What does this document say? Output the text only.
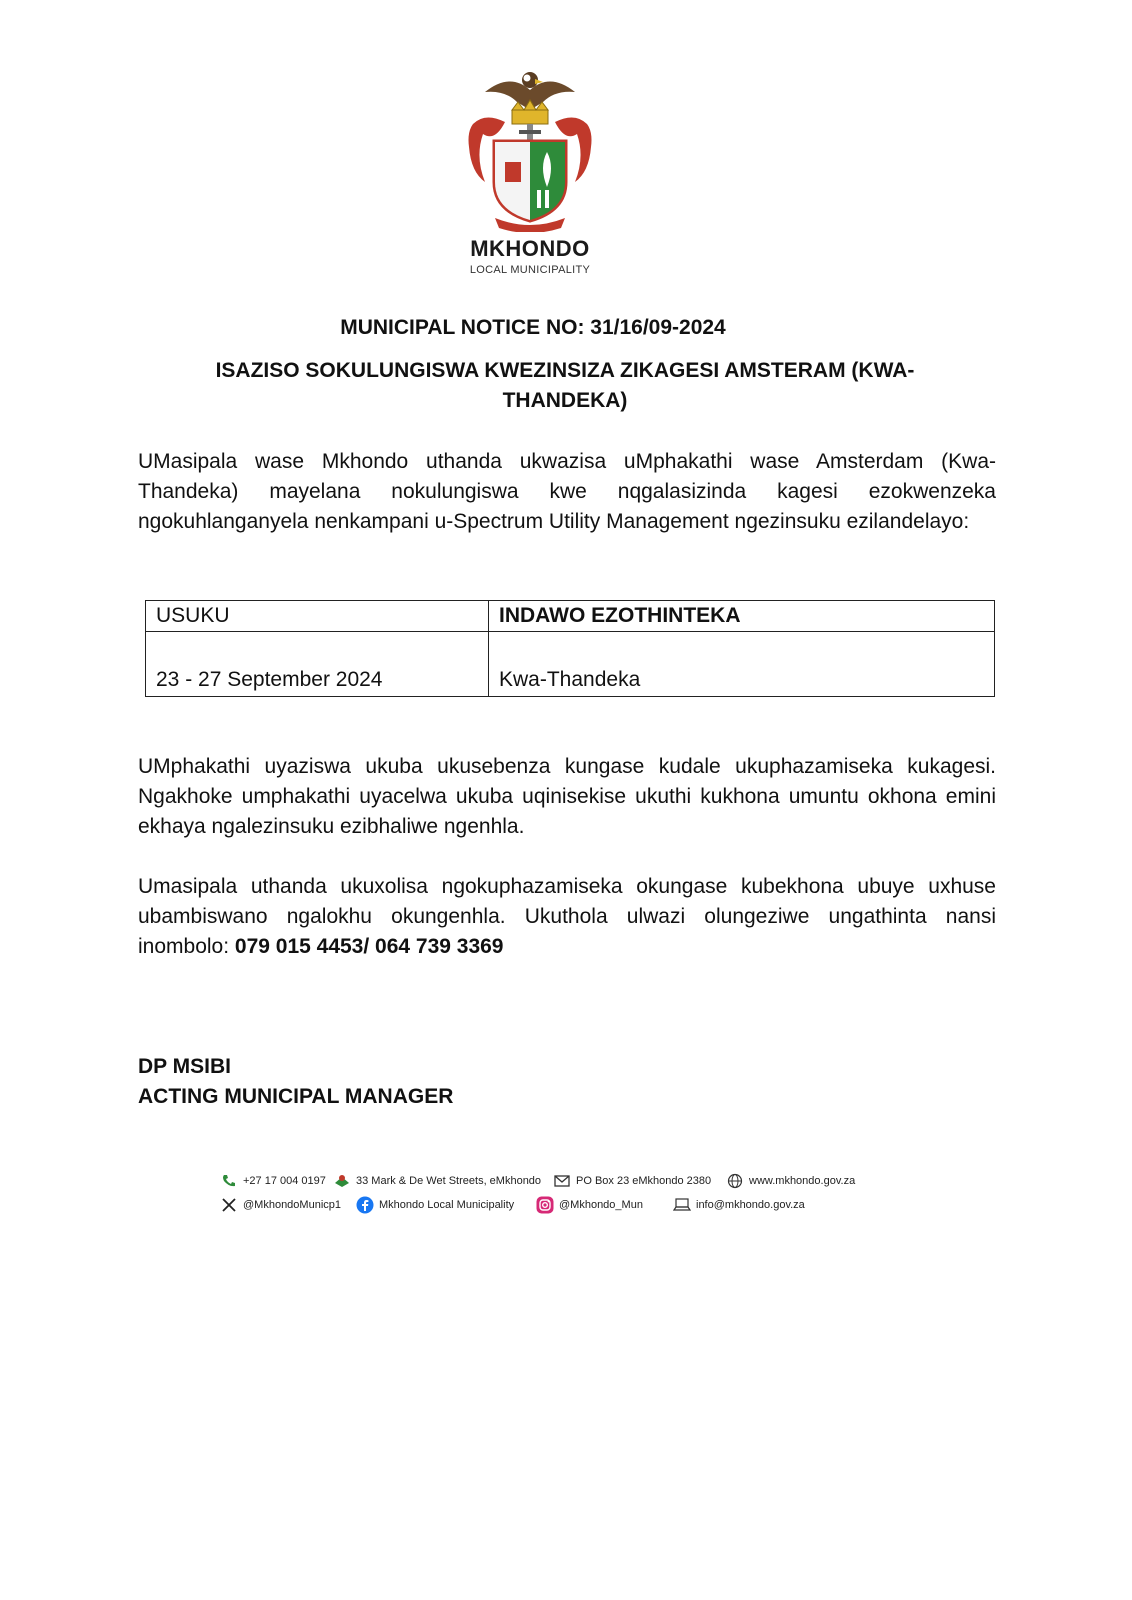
MKHONDO
LOCAL MUNICIPALITY
MUNICIPAL NOTICE NO: 31/16/09-2024
ISAZISO SOKULUNGISWA KWEZINSIZA ZIKAGESI AMSTERAM (KWA-THANDEKA)

UMasipala wase Mkhondo uthanda ukwazisa uMphakathi wase Amsterdam (Kwa-Thandeka) mayelana nokulungiswa kwe nqgalasizinda kagesi ezokwenzeka ngokuhlanganyela nenkampani u-Spectrum Utility Management ngezinsuku ezilandelayo:

USUKU	INDAWO EZOTHINTEKA
23 - 27 September 2024	Kwa-Thandeka

UMphakathi uyaziswa ukuba ukusebenza kungase kudale ukuphazamiseka kukagesi. Ngakhoke umphakathi uyacelwa ukuba uqinisekise ukuthi kukhona umuntu okhona emini ekhaya ngalezinsuku ezibhaliwe ngenhla.

Umasipala uthanda ukuxolisa ngokuphazamiseka okungase kubekhona ubuye uxhuse ubambiswano ngalokhu okungenhla. Ukuthola ulwazi olungeziwe ungathinta nansi inombolo: 079 015 4453/ 064 739 3369

DP MSIBI
ACTING MUNICIPAL MANAGER
+27 17 004 0197	33 Mark & De Wet Streets, eMkhondo	PO Box 23 eMkhondo 2380	www.mkhondo.gov.za
@MkhondoMunicp1	Mkhondo Local Municipality	@Mkhondo_Mun	info@mkhondo.gov.za
